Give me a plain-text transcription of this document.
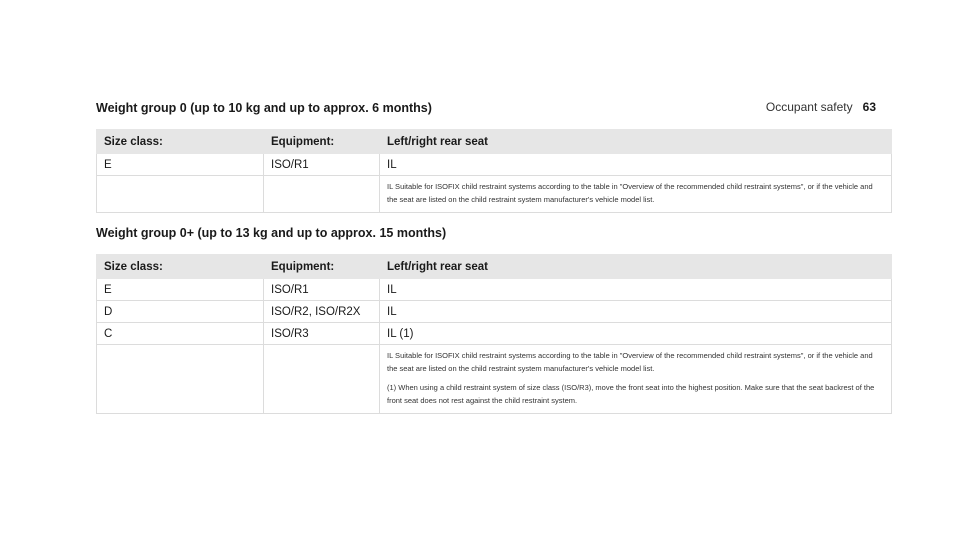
Occupant safety 63
Weight group 0 (up to 10 kg and up to approx. 6 months)
Size class:	Equipment:	Left/right rear seat
E	ISO/R1	IL

		IL Suitable for ISOFIX child restraint systems according to the table in "Overview of the recommended child restraint systems", or if the vehicle and the seat are listed on the child restraint system manufacturer's vehicle model list.

Weight group 0+ (up to 13 kg and up to approx. 15 months)
Size class:	Equipment:	Left/right rear seat
E	ISO/R1	IL
D	ISO/R2, ISO/R2X	IL
C	ISO/R3	IL (1)

		IL Suitable for ISOFIX child restraint systems according to the table in "Overview of the recommended child restraint systems", or if the vehicle and the seat are listed on the child restraint system manufacturer's vehicle model list.

(1) When using a child restraint system of size class (ISO/R3), move the front seat into the highest position. Make sure that the seat backrest of the front seat does not rest against the child restraint system.
